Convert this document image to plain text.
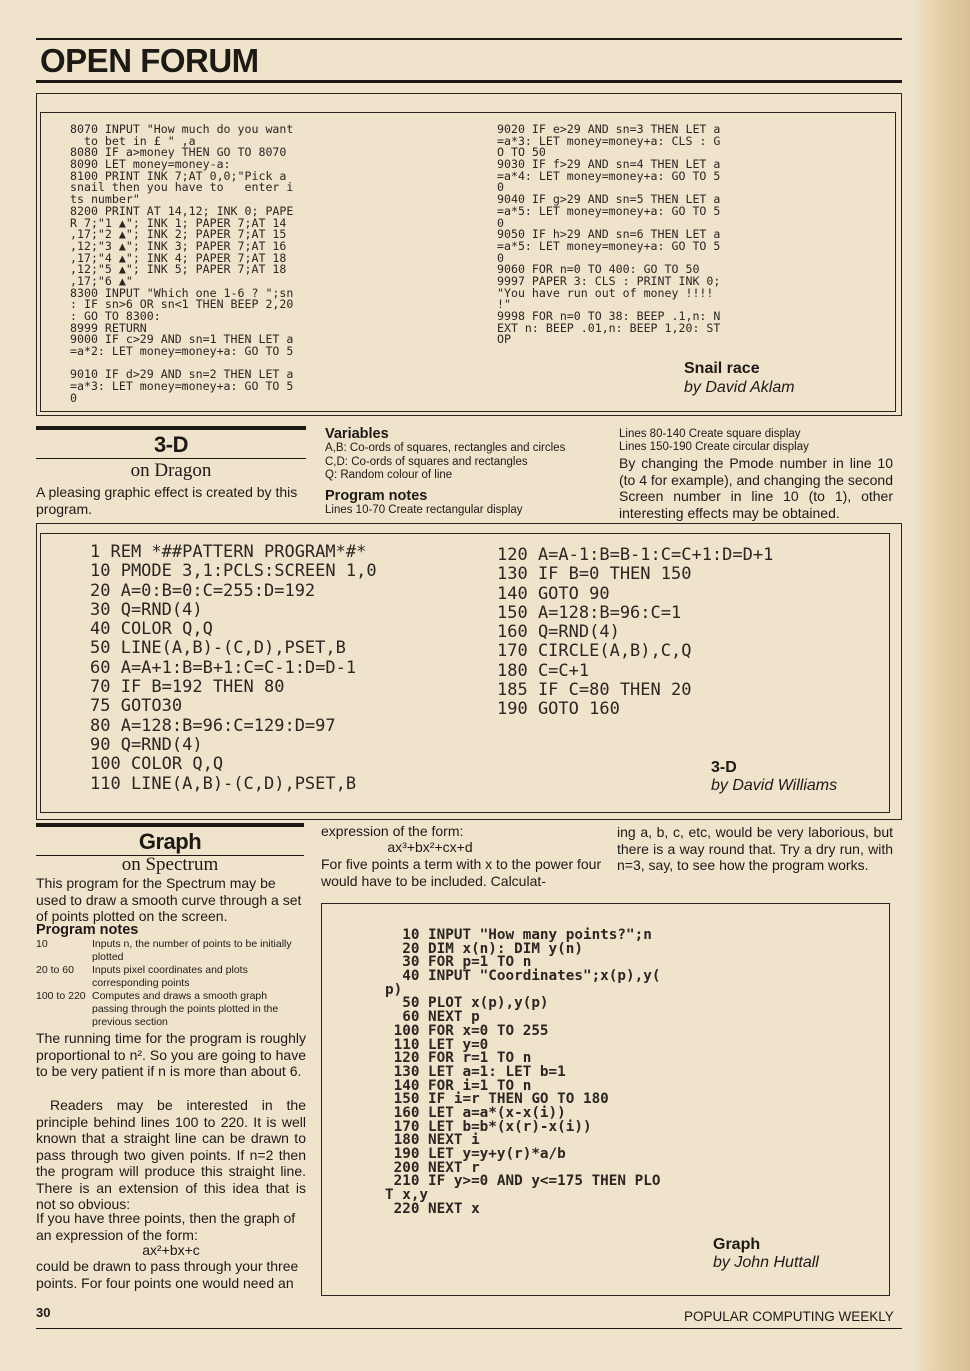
OPEN FORUM
8070 INPUT "How much do you want
to bet in £ " ,a
8080 IF a>money THEN GO TO 8070
8090 LET money=money-a:
8100 PRINT INK 7;AT 0,0;"Pick a
snail then you have to   enter i
ts number"
8200 PRINT AT 14,12; INK 0; PAPE
R 7;"1 ▲"; INK 1; PAPER 7;AT 14
,17;"2 ▲"; INK 2; PAPER 7;AT 15
,12;"3 ▲"; INK 3; PAPER 7;AT 16
,17;"4 ▲"; INK 4; PAPER 7;AT 18
,12;"5 ▲"; INK 5; PAPER 7;AT 18
,17;"6 ▲"
8300 INPUT "Which one 1-6 ? ";sn
: IF sn>6 OR sn<1 THEN BEEP 2,20
: GO TO 8300:
8999 RETURN
9000 IF c>29 AND sn=1 THEN LET a
=a*2: LET money=money+a: GO TO 5
9010 IF d>29 AND sn=2 THEN LET a
=a*3: LET money=money+a: GO TO 5
0
9020 IF e>29 AND sn=3 THEN LET a
=a*3: LET money=money+a: CLS : G
O TO 50
9030 IF f>29 AND sn=4 THEN LET a
=a*4: LET money=money+a: GO TO 5
0
9040 IF g>29 AND sn=5 THEN LET a
=a*5: LET money=money+a: GO TO 5
0
9050 IF h>29 AND sn=6 THEN LET a
=a*5: LET money=money+a: GO TO 5
0
9060 FOR n=0 TO 400: GO TO 50
9997 PAPER 3: CLS : PRINT INK 0;
"You have run out of money !!!!
!"
9998 FOR n=0 TO 38: BEEP .1,n: N
EXT n: BEEP .01,n: BEEP 1,20: ST
OP
Snail race
by David Aklam
3-D
on Dragon
A pleasing graphic effect is created by this program.
Variables

A,B: Co-ords of squares, rectangles and circles

C,D: Co-ords of squares and rectangles

Q: Random colour of line

Program notes
Lines 10-70 Create rectangular display
Lines 80-140 Create square display
Lines 150-190 Create circular display
By changing the Pmode number in line 10 (to 4 for example), and changing the second Screen number in line 10 (to 1), other interesting effects may be obtained.
1 REM *##PATTERN PROGRAM*#*
10 PMODE 3,1:PCLS:SCREEN 1,0
20 A=0:B=0:C=255:D=192
30 Q=RND(4)
40 COLOR Q,Q
50 LINE(A,B)-(C,D),PSET,B
60 A=A+1:B=B+1:C=C-1:D=D-1
70 IF B=192 THEN 80
75 GOTO30
80 A=128:B=96:C=129:D=97
90 Q=RND(4)
100 COLOR Q,Q
110 LINE(A,B)-(C,D),PSET,B
120 A=A-1:B=B-1:C=C+1:D=D+1
130 IF B=0 THEN 150
140 GOTO 90
150 A=128:B=96:C=1
160 Q=RND(4)
170 CIRCLE(A,B),C,Q
180 C=C+1
185 IF C=80 THEN 20
190 GOTO 160
3-D
by David Williams
Graph
on Spectrum
This program for the Spectrum may be used to draw a smooth curve through a set of points plotted on the screen.
Program notes
10	Inputs n, the number of points to be initially plotted
20 to 60	Inputs pixel coordinates and plots corresponding points
100 to 220 Computes and draws a smooth graph passing through the points plotted in the previous section
The running time for the program is roughly proportional to n². So you are going to have to be very patient if n is more than about 6.
Readers may be interested in the principle behind lines 100 to 220. It is well known that a straight line can be drawn to pass through two given points. If n=2 then the program will produce this straight line. There is an extension of this idea that is not so obvious:
If you have three points, then the graph of an expression of the form:
ax²+bx+c
could be drawn to pass through your three points. For four points one would need an
expression of the form:
ax³+bx²+cx+d
For five points a term with x to the power four would have to be included. Calculat-
ing a, b, c, etc, would be very laborious, but there is a way round that. Try a dry run, with n=3, say, to see how the program works.
10 INPUT "How many points?";n
20 DIM x(n): DIM y(n)
30 FOR p=1 TO n
40 INPUT "Coordinates";x(p),y(
p)
50 PLOT x(p),y(p)
60 NEXT p
100 FOR x=0 TO 255
110 LET y=0
120 FOR r=1 TO n
130 LET a=1: LET b=1
140 FOR i=1 TO n
150 IF i=r THEN GO TO 180
160 LET a=a*(x-x(i))
170 LET b=b*(x(r)-x(i))
180 NEXT i
190 LET y=y+y(r)*a/b
200 NEXT r
210 IF y>=0 AND y<=175 THEN PLO
T x,y
220 NEXT x
Graph
by John Huttall
30	POPULAR COMPUTING WEEKLY
